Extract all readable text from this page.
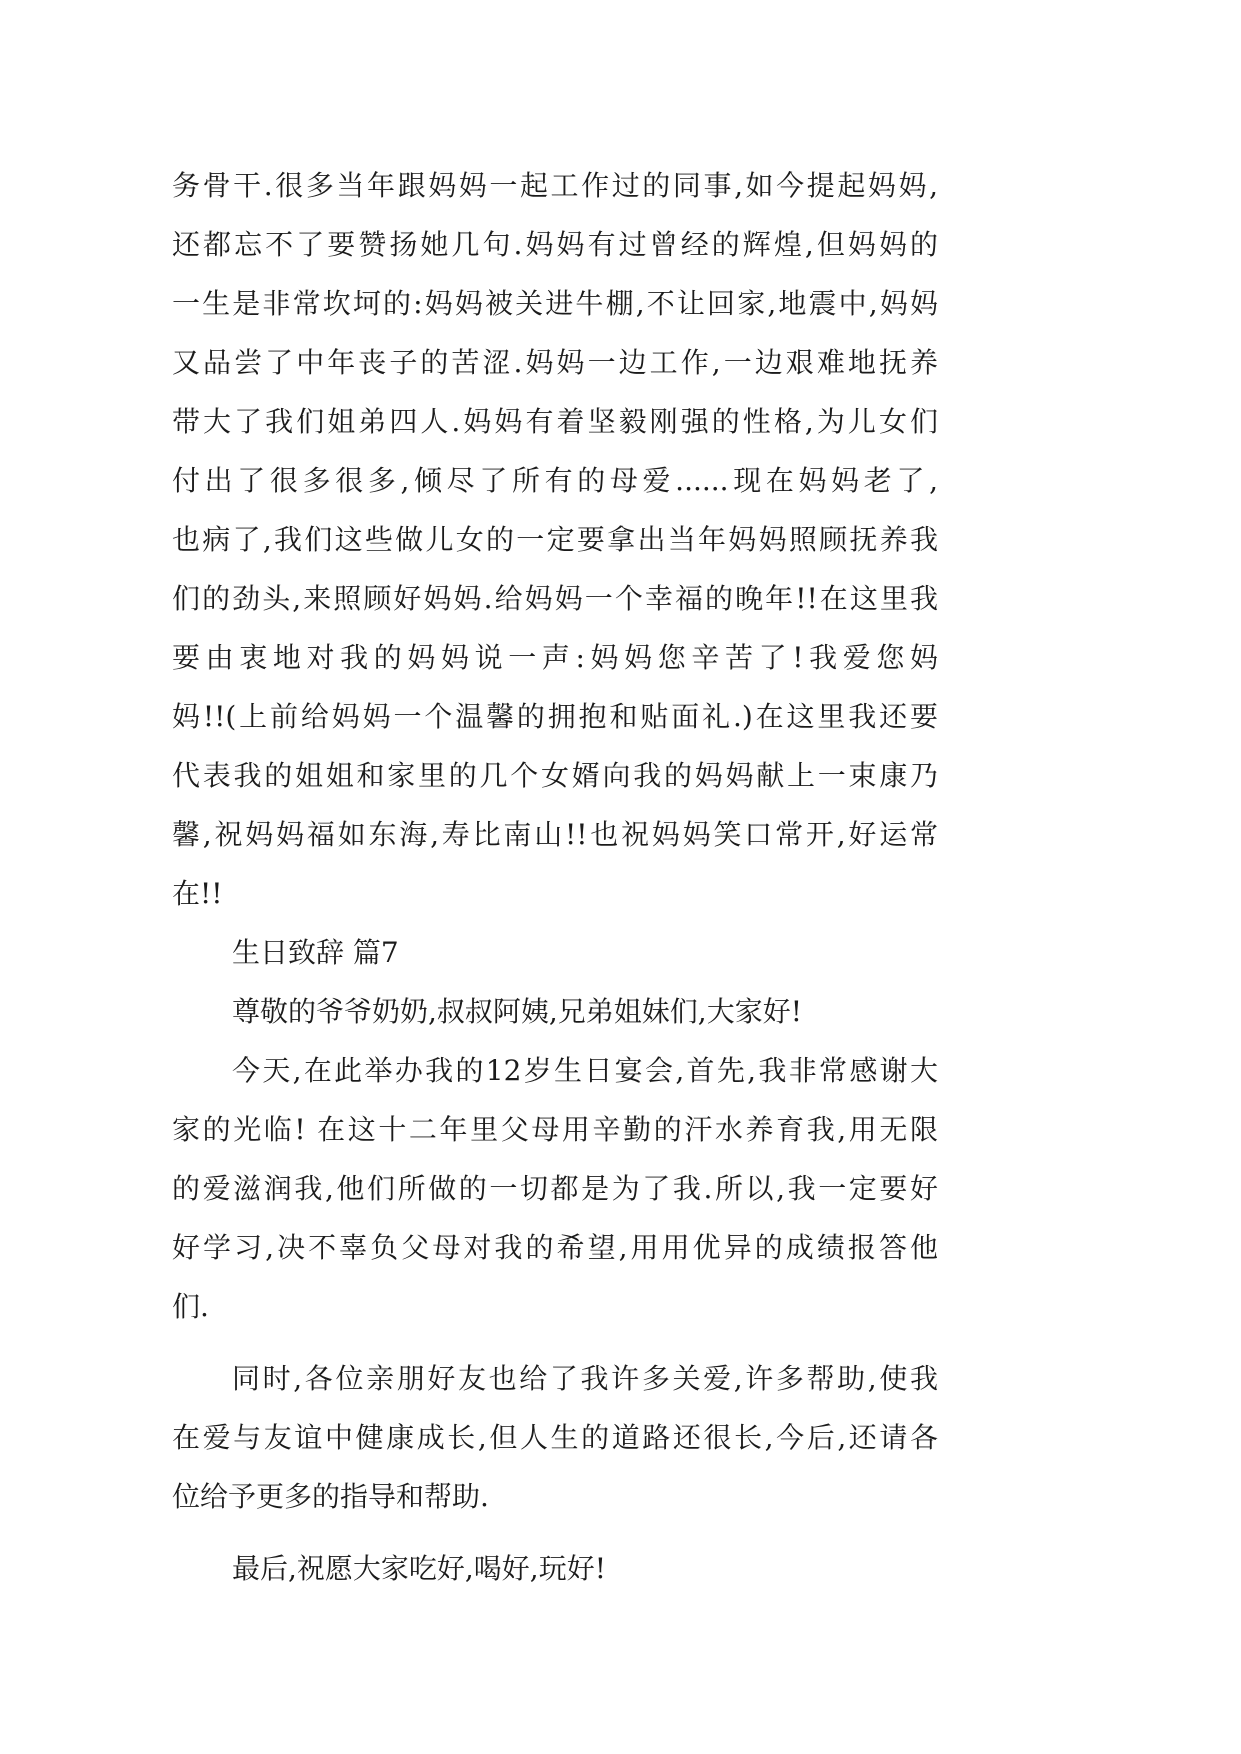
务骨干.很多当年跟妈妈一起工作过的同事,如今提起妈妈,
还都忘不了要赞扬她几句.妈妈有过曾经的辉煌,但妈妈的
一生是非常坎坷的:妈妈被关进牛棚,不让回家,地震中,妈妈
又品尝了中年丧子的苦涩.妈妈一边工作,一边艰难地抚养
带大了我们姐弟四人.妈妈有着坚毅刚强的性格,为儿女们
付出了很多很多,倾尽了所有的母爱......现在妈妈老了,
也病了,我们这些做儿女的一定要拿出当年妈妈照顾抚养我
们的劲头,来照顾好妈妈.给妈妈一个幸福的晚年!!在这里我
要由衷地对我的妈妈说一声:妈妈您辛苦了!我爱您妈
妈!!(上前给妈妈一个温馨的拥抱和贴面礼.)在这里我还要
代表我的姐姐和家里的几个女婿向我的妈妈献上一束康乃
馨,祝妈妈福如东海,寿比南山!!也祝妈妈笑口常开,好运常
在!!
生日致辞 篇7
尊敬的爷爷奶奶,叔叔阿姨,兄弟姐妹们,大家好!
今天,在此举办我的12岁生日宴会,首先,我非常感谢大
家的光临! 在这十二年里父母用辛勤的汗水养育我,用无限
的爱滋润我,他们所做的一切都是为了我.所以,我一定要好
好学习,决不辜负父母对我的希望,用用优异的成绩报答他
们.
同时,各位亲朋好友也给了我许多关爱,许多帮助,使我
在爱与友谊中健康成长,但人生的道路还很长,今后,还请各
位给予更多的指导和帮助.
最后,祝愿大家吃好,喝好,玩好!
